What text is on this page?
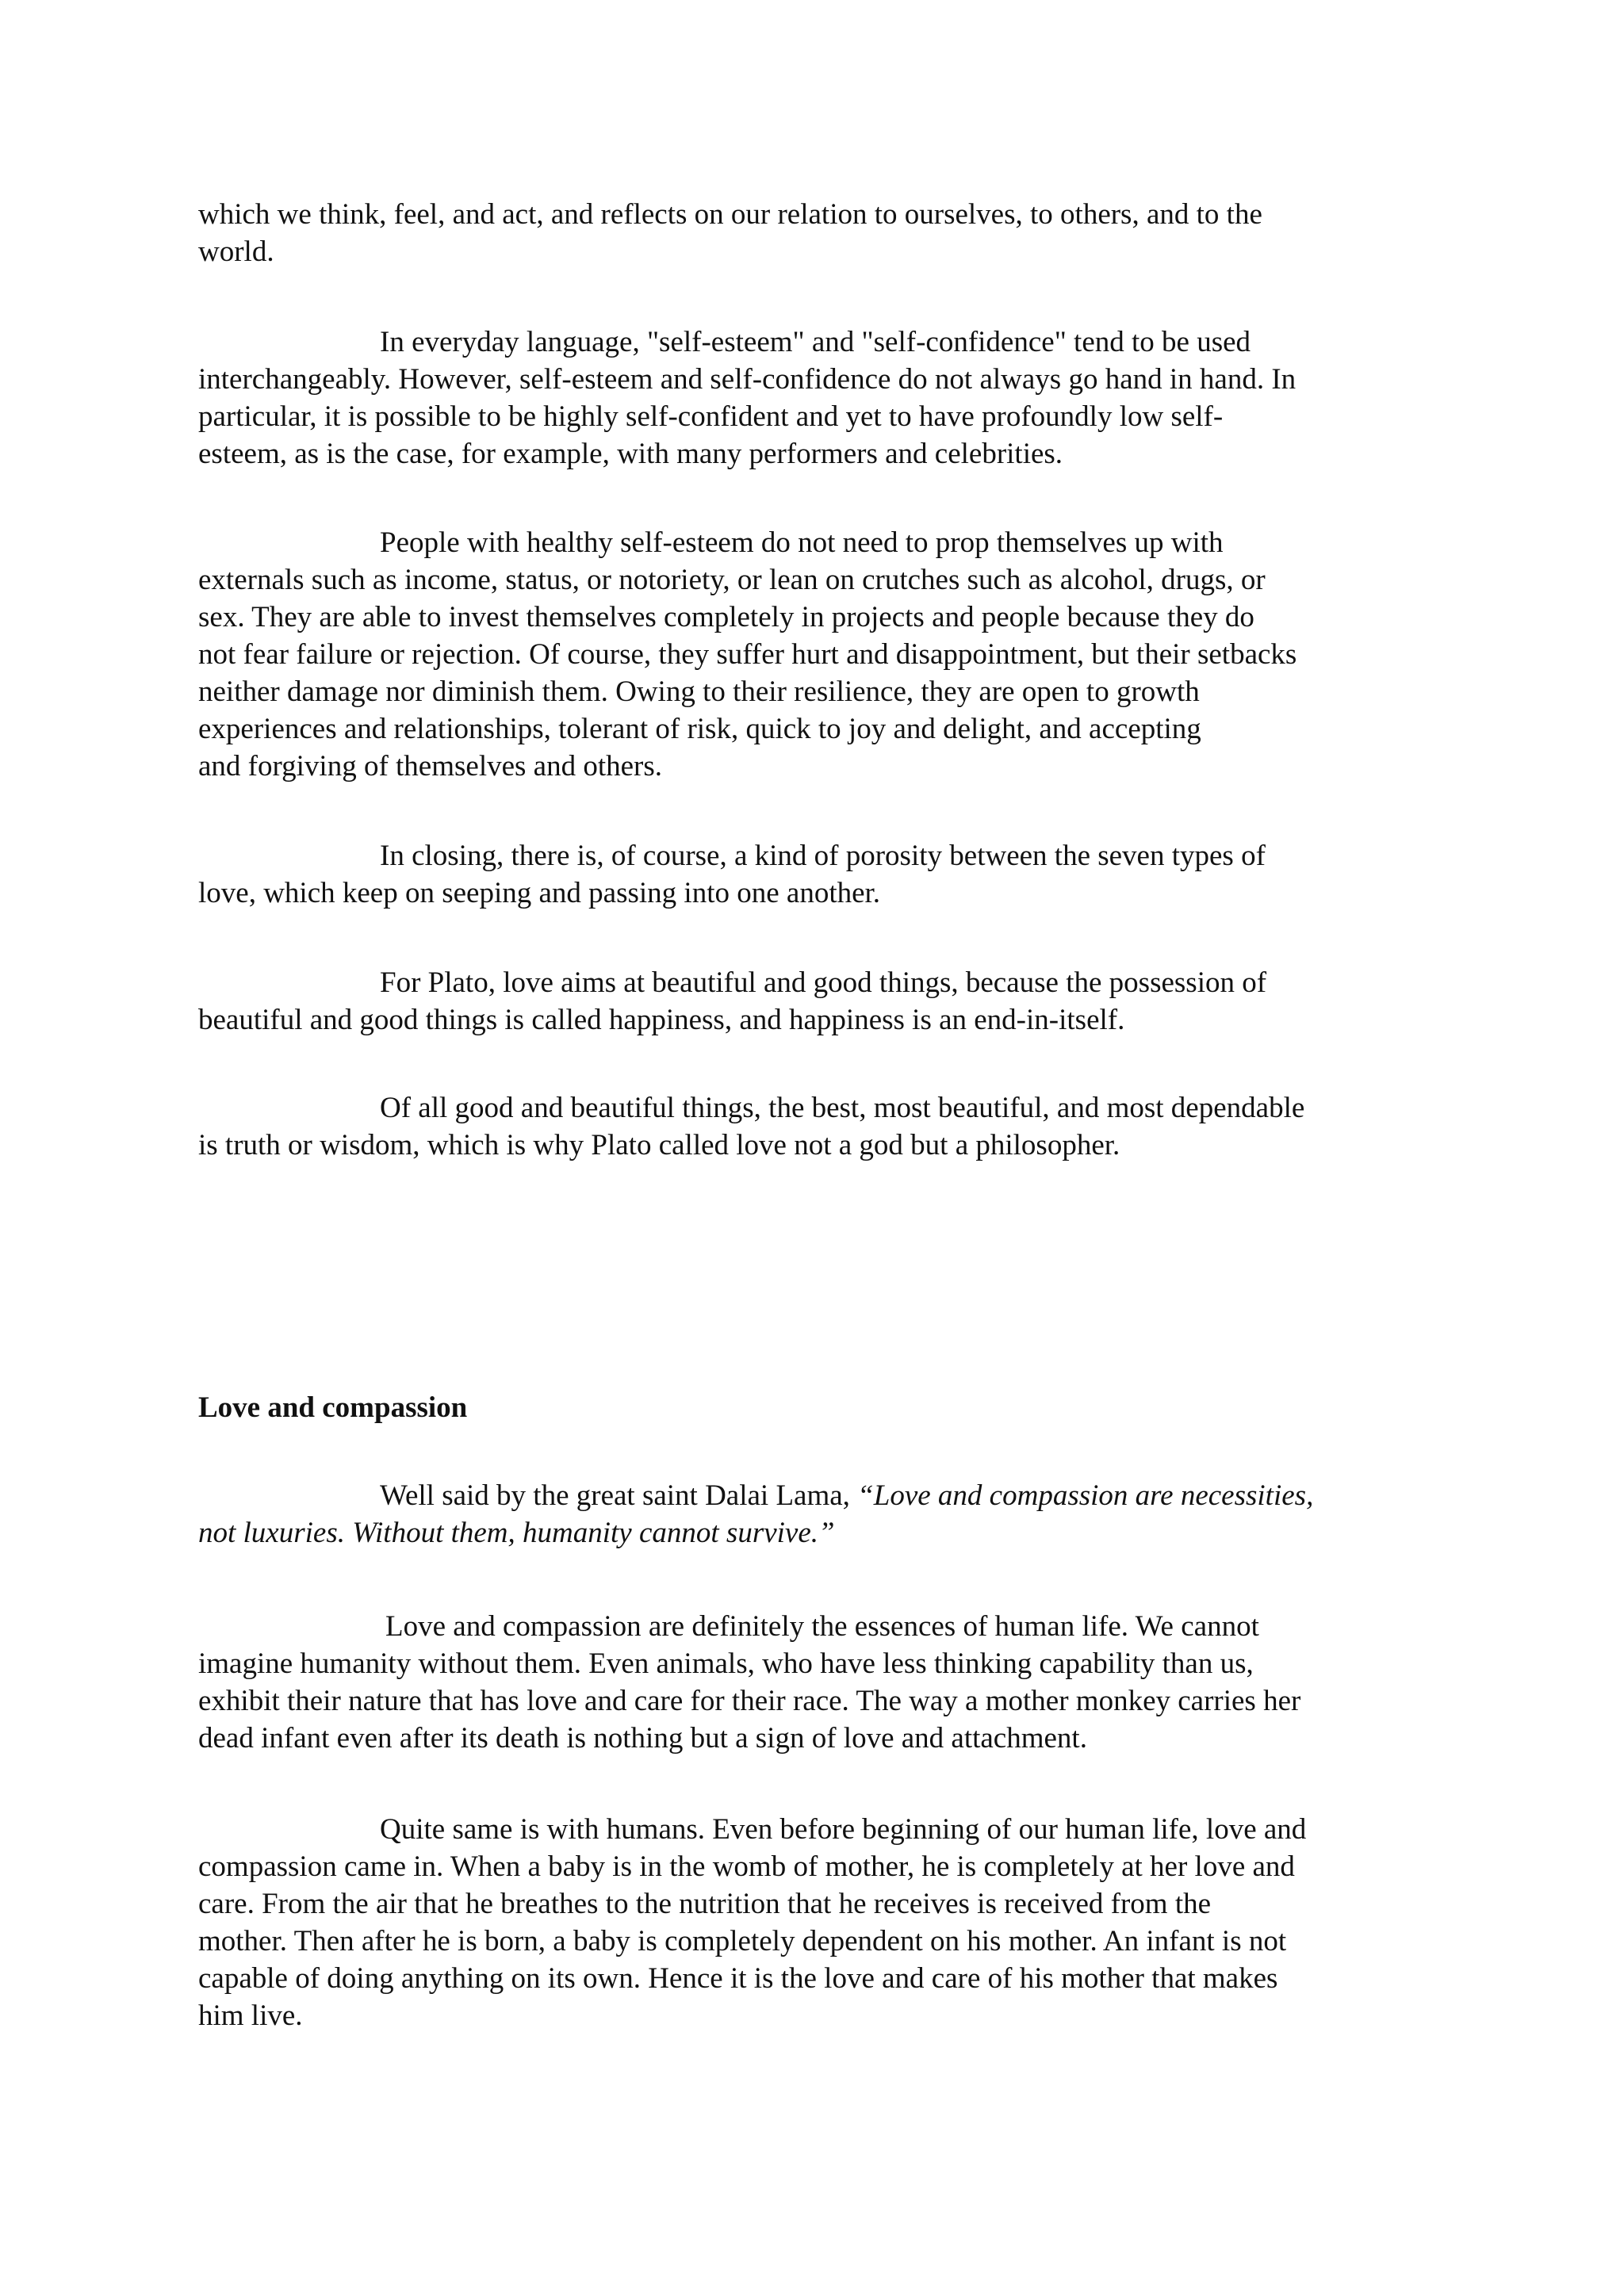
which we think, feel, and act, and reflects on our relation to ourselves, to others, and to the
world.
In everyday language, "self-esteem" and "self-confidence" tend to be used
interchangeably. However, self-esteem and self-confidence do not always go hand in hand. In
particular, it is possible to be highly self-confident and yet to have profoundly low self-
esteem, as is the case, for example, with many performers and celebrities.
People with healthy self-esteem do not need to prop themselves up with
externals such as income, status, or notoriety, or lean on crutches such as alcohol, drugs, or
sex. They are able to invest themselves completely in projects and people because they do
not fear failure or rejection. Of course, they suffer hurt and disappointment, but their setbacks
neither damage nor diminish them. Owing to their resilience, they are open to growth
experiences and relationships, tolerant of risk, quick to joy and delight, and accepting
and forgiving of themselves and others.
In closing, there is, of course, a kind of porosity between the seven types of
love, which keep on seeping and passing into one another.
For Plato, love aims at beautiful and good things, because the possession of
beautiful and good things is called happiness, and happiness is an end-in-itself.
Of all good and beautiful things, the best, most beautiful, and most dependable
is truth or wisdom, which is why Plato called love not a god but a philosopher.
Love and compassion
Well said by the great saint Dalai Lama, “Love and compassion are necessities,
not luxuries. Without them, humanity cannot survive.”
Love and compassion are definitely the essences of human life. We cannot
imagine humanity without them. Even animals, who have less thinking capability than us,
exhibit their nature that has love and care for their race. The way a mother monkey carries her
dead infant even after its death is nothing but a sign of love and attachment.
Quite same is with humans. Even before beginning of our human life, love and
compassion came in. When a baby is in the womb of mother, he is completely at her love and
care. From the air that he breathes to the nutrition that he receives is received from the
mother. Then after he is born, a baby is completely dependent on his mother. An infant is not
capable of doing anything on its own. Hence it is the love and care of his mother that makes
him live.
